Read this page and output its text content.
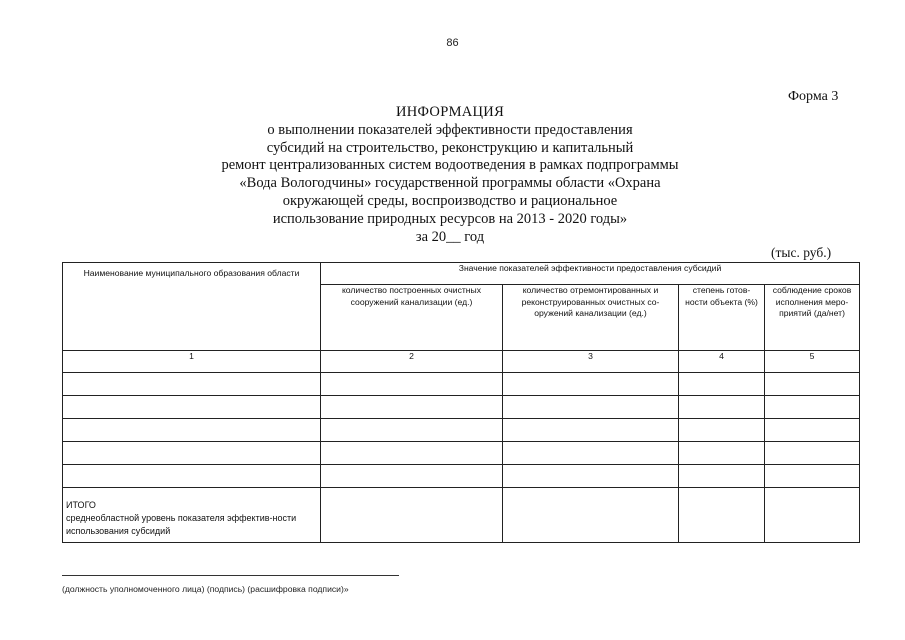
86
Форма 3
ИНФОРМАЦИЯ
о выполнении показателей эффективности предоставления
субсидий на строительство, реконструкцию и капитальный
ремонт централизованных систем водоотведения в рамках подпрограммы
«Вода Вологодчины» государственной программы области «Охрана
окружающей среды, воспроизводство и рациональное
использование природных ресурсов на 2013 - 2020 годы»
за 20__ год
(тыс. руб.)
Наименование муниципального образования области	Значение показателей эффективности предоставления субсидий			
	количество построенных очистных сооружений канализации (ед.)	количество отремонтированных и реконструированных очистных со-оружений канализации (ед.)	степень готов-ности объекта (%)	соблюдение сроков исполнения меро-приятий (да/нет)
1	2	3	4	5

ИТОГО
среднеобластной уровень показателя эффектив-ности использования субсидий				

(должность уполномоченного лица) (подпись) (расшифровка подписи)»
